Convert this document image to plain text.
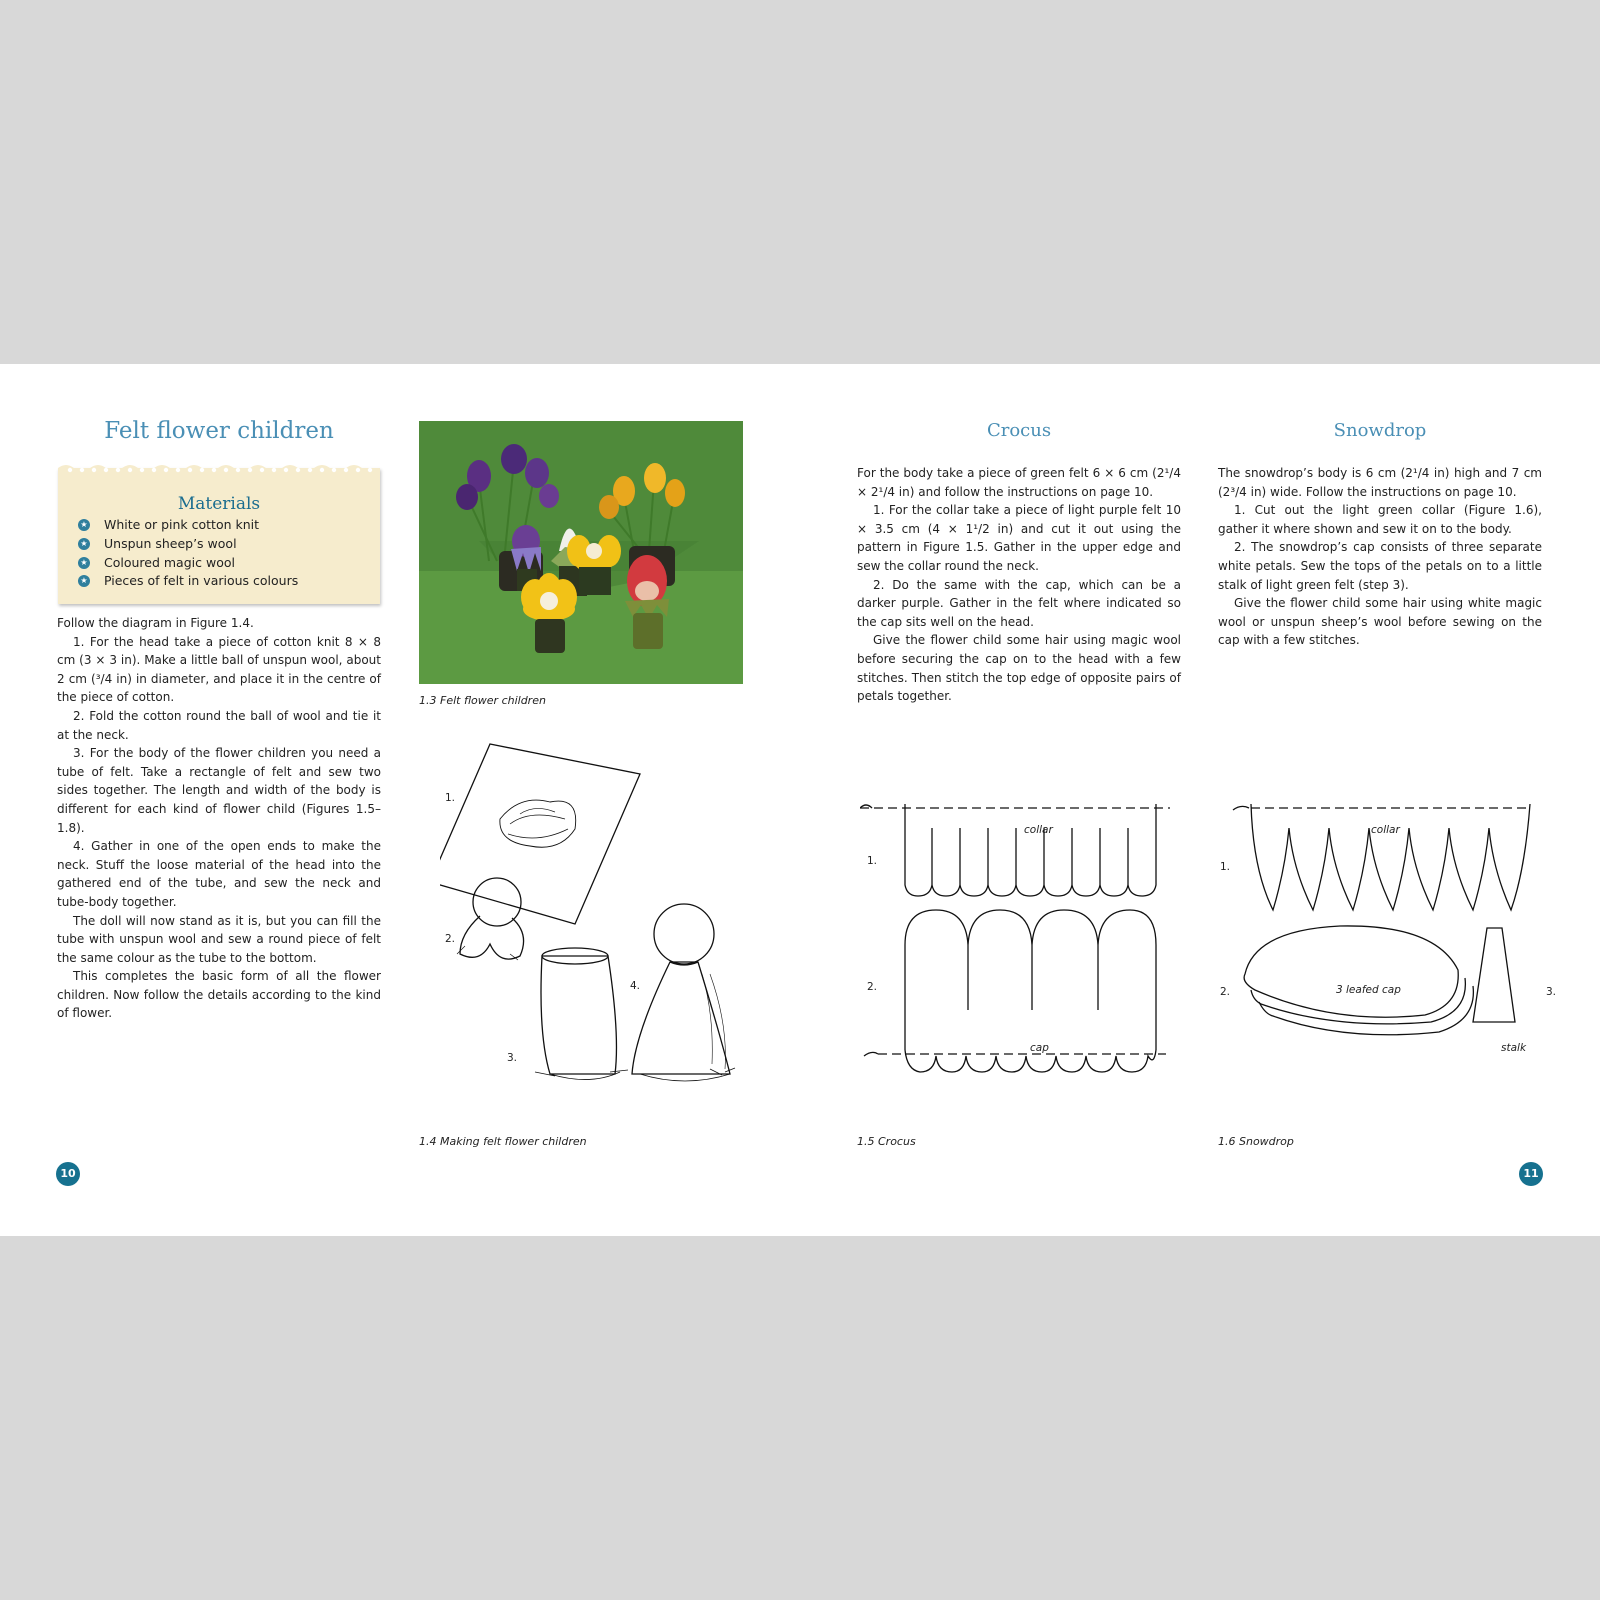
Felt flower children
Materials
★ White or pink cotton knit
★ Unspun sheep’s wool
★ Coloured magic wool
★ Pieces of felt in various colours

Follow the diagram in Figure 1.4.

1. For the head take a piece of cotton knit 8 × 8 cm (3 × 3 in). Make a little ball of unspun wool, about 2 cm (³/4 in) in diameter, and place it in the centre of the piece of cotton.

2. Fold the cotton round the ball of wool and tie it at the neck.

3. For the body of the flower children you need a tube of felt. Take a rectangle of felt and sew two sides together. The length and width of the body is different for each kind of flower child (Figures 1.5–1.8).

4. Gather in one of the open ends to make the neck. Stuff the loose material of the head into the gathered end of the tube, and sew the neck and tube-body together.

The doll will now stand as it is, but you can fill the tube with unspun wool and sew a round piece of felt the same colour as the tube to the bottom.

This completes the basic form of all the flower children. Now follow the details according to the kind of flower.

10
1.3 Felt flower children
1.
2.
3.
4.
1.4 Making felt flower children
Crocus

For the body take a piece of green felt 6 × 6 cm (2¹/4 × 2¹/4 in) and follow the instructions on page 10.

1. For the collar take a piece of light purple felt 10 × 3.5 cm (4 × 1¹/2 in) and cut it out using the pattern in Figure 1.5. Gather in the upper edge and sew the collar round the neck.

2. Do the same with the cap, which can be a darker purple. Gather in the felt where indicated so the cap sits well on the head.

Give the flower child some hair using magic wool before securing the cap on to the head with a few stitches. Then stitch the top edge of opposite pairs of petals together.

1.
2.
collar
cap
1.5 Crocus
Snowdrop

The snowdrop’s body is 6 cm (2¹/4 in) high and 7 cm (2³/4 in) wide. Follow the instructions on page 10.

1. Cut out the light green collar (Figure 1.6), gather it where shown and sew it on to the body.

2. The snowdrop’s cap consists of three separate white petals. Sew the tops of the petals on to a little stalk of light green felt (step 3).

Give the flower child some hair using white magic wool or unspun sheep’s wool before sewing on the cap with a few stitches.

1.
2.	3.
collar
3 leafed cap
stalk
1.6 Snowdrop
11
